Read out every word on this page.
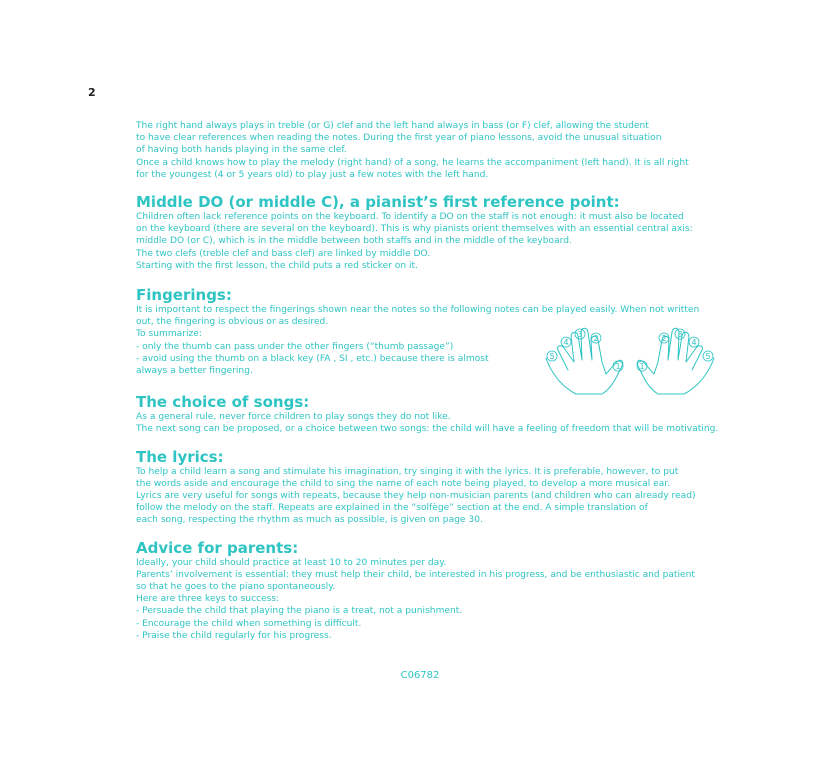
2

The right hand always plays in treble (or G) clef and the left hand always in bass (or F) clef, allowing the student
to have clear references when reading the notes. During the first year of piano lessons, avoid the unusual situation
of having both hands playing in the same clef.
Once a child knows how to play the melody (right hand) of a song, he learns the accompaniment (left hand). It is all right
for the youngest (4 or 5 years old) to play just a few notes with the left hand.

Middle DO (or middle C), a pianist’s first reference point:

Children often lack reference points on the keyboard. To identify a DO on the staff is not enough: it must also be located
on the keyboard (there are several on the keyboard). This is why pianists orient themselves with an essential central axis:
middle DO (or C), which is in the middle between both staffs and in the middle of the keyboard.
The two clefs (treble clef and bass clef) are linked by middle DO.
Starting with the first lesson, the child puts a red sticker on it.

Fingerings:

It is important to respect the fingerings shown near the notes so the following notes can be played easily. When not written
out, the fingering is obvious or as desired.
To summarize:
- only the thumb can pass under the other fingers (“thumb passage”)
- avoid using the thumb on a black key (FA , SI , etc.) because there is almost
always a better fingering.

The choice of songs:

As a general rule, never force children to play songs they do not like.
The next song can be proposed, or a choice between two songs: the child will have a feeling of freedom that will be motivating.

The lyrics:

To help a child learn a song and stimulate his imagination, try singing it with the lyrics. It is preferable, however, to put
the words aside and encourage the child to sing the name of each note being played, to develop a more musical ear.
Lyrics are very useful for songs with repeats, because they help non-musician parents (and children who can already read)
follow the melody on the staff. Repeats are explained in the “solfège” section at the end. A simple translation of
each song, respecting the rhythm as much as possible, is given on page 30.

Advice for parents:

Ideally, your child should practice at least 10 to 20 minutes per day.
Parents’ involvement is essential: they must help their child, be interested in his progress, and be enthusiastic and patient
so that he goes to the piano spontaneously.
Here are three keys to success:
- Persuade the child that playing the piano is a treat, not a punishment.
- Encourage the child when something is difficult.
- Praise the child regularly for his progress.

5
4
3 2
1 1
2 3
4
5
C06782
